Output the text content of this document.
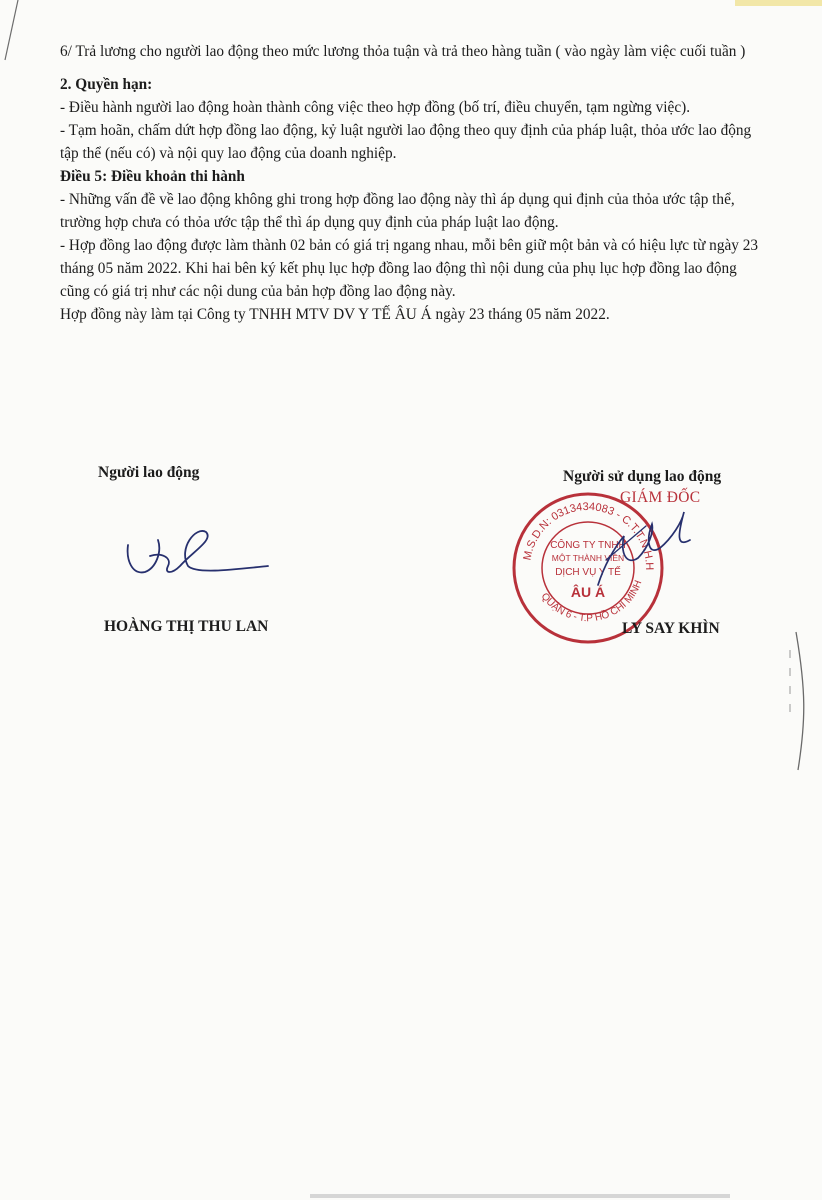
6/ Trả lương cho người lao động theo mức lương thỏa tuận và trả theo hàng tuần ( vào ngày làm việc cuối tuần )

2. Quyền hạn:

- Điều hành người lao động hoàn thành công việc theo hợp đồng (bố trí, điều chuyển, tạm ngừng việc).

- Tạm hoãn, chấm dứt hợp đồng lao động, kỷ luật người lao động theo quy định của pháp luật, thỏa ước lao động tập thể (nếu có) và nội quy lao động của doanh nghiệp.

Điều 5: Điều khoản thi hành

- Những vấn đề về lao động không ghi trong hợp đồng lao động này thì áp dụng qui định của thỏa ước tập thể, trường hợp chưa có thỏa ước tập thể thì áp dụng quy định của pháp luật lao động.

- Hợp đồng lao động được làm thành 02 bản có giá trị ngang nhau, mỗi bên giữ một bản và có hiệu lực từ ngày 23 tháng 05 năm 2022. Khi hai bên ký kết phụ lục hợp đồng lao động thì nội dung của phụ lục hợp đồng lao động cũng có giá trị như các nội dung của bản hợp đồng lao động này.

Hợp đồng này làm tại Công ty TNHH MTV DV Y TẾ ÂU Á ngày 23 tháng 05 năm 2022.

Người lao động
HOÀNG THỊ THU LAN
Người sử dụng lao động
GIÁM ĐỐC
M.S.D.N: 0313434083 - C.T.T.N.H.H
QUẬN 6 - T.P HỒ CHÍ MINH
CÔNG TY TNHH
MỘT THÀNH VIÊN
DỊCH VỤ Y TẾ
ÂU Á
LY SAY KHÌN
